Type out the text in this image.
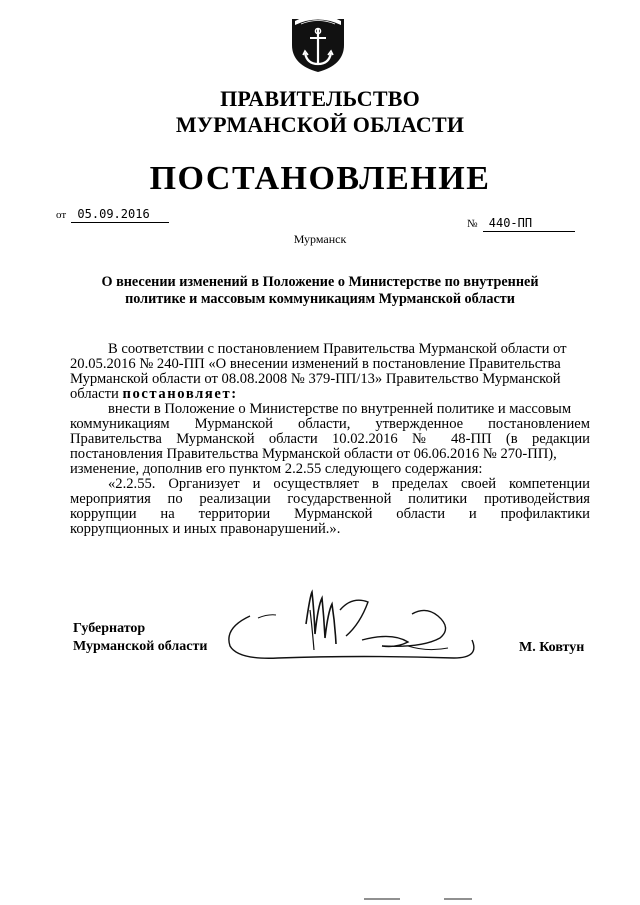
ПРАВИТЕЛЬСТВО
МУРМАНСКОЙ ОБЛАСТИ
ПОСТАНОВЛЕНИЕ
от 05.09.2016
№ 440-ПП
Мурманск
О внесении изменений в Положение о Министерстве по внутренней
политике и массовым коммуникациям Мурманской области
В соответствии с постановлением Правительства Мурманской области от
20.05.2016 № 240-ПП «О внесении изменений в постановление Правительства
Мурманской области от 08.08.2008 № 379-ПП/13» Правительство Мурманской
области постановляет:
внести в Положение о Министерстве по внутренней политике и массовым
коммуникациям Мурманской области, утвержденное постановлением
Правительства Мурманской области 10.02.2016 № 48-ПП (в редакции
постановления Правительства Мурманской области от 06.06.2016 № 270-ПП),
изменение, дополнив его пунктом 2.2.55 следующего содержания:
«2.2.55. Организует и осуществляет в пределах своей компетенции
мероприятия по реализации государственной политики противодействия
коррупции на территории Мурманской области и профилактики
коррупционных и иных правонарушений.».
Губернатор
Мурманской области	М. Ковтун
